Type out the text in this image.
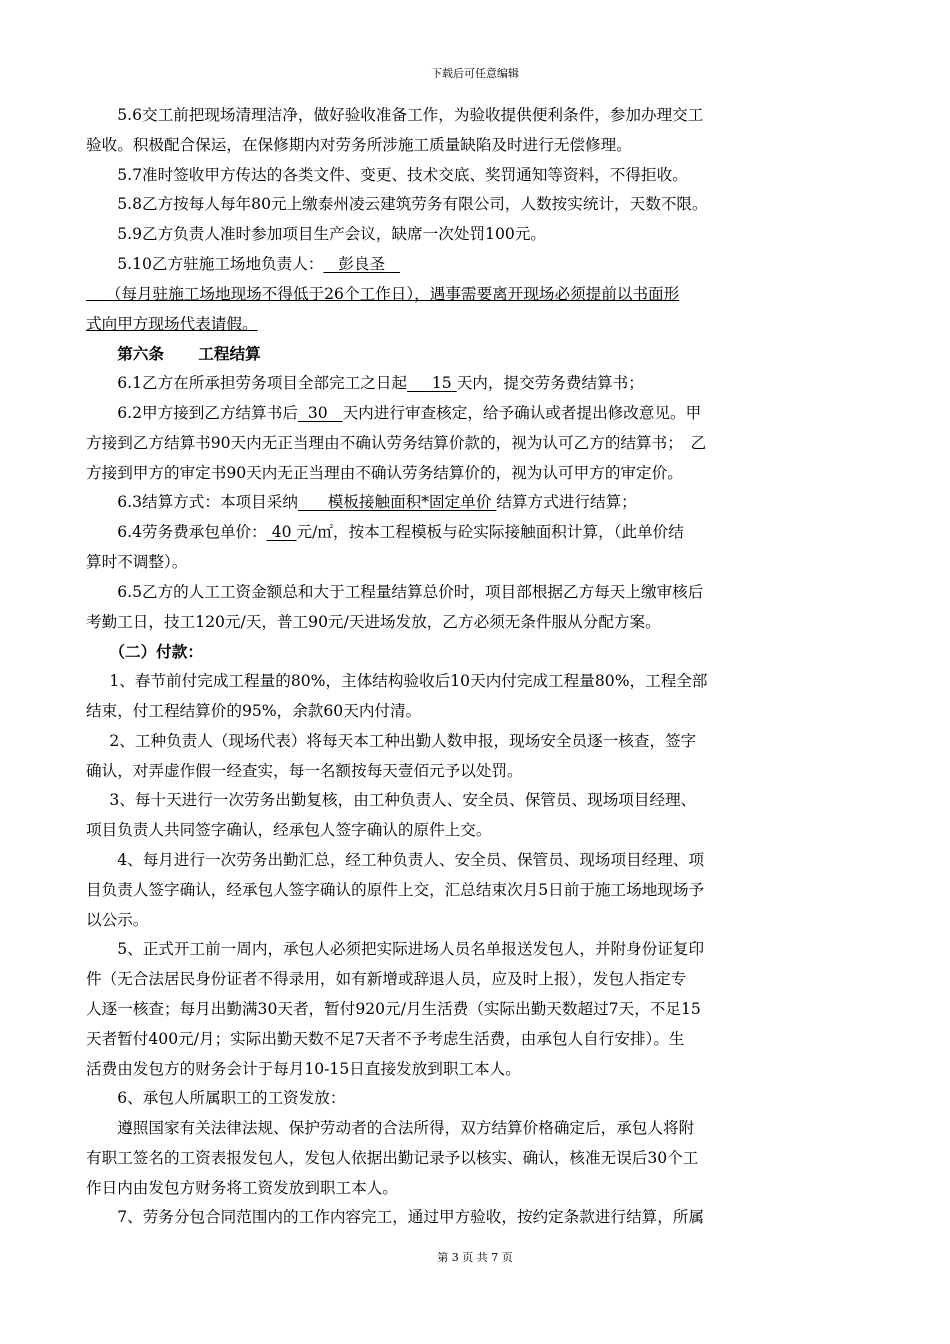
下载后可任意编辑
5.6交工前把现场清理洁净，做好验收准备工作，为验收提供便利条件，参加办理交工
验收。积极配合保运，在保修期内对劳务所涉施工质量缺陷及时进行无偿修理。
5.7准时签收甲方传达的各类文件、变更、技术交底、奖罚通知等资料，不得拒收。
5.8乙方按每人每年80元上缴泰州凌云建筑劳务有限公司，人数按实统计，天数不限。
5.9乙方负责人准时参加项目生产会议，缺席一次处罚100元。
5.10乙方驻施工场地负责人： 彭良圣
（每月驻施工场地现场不得低于26个工作日），遇事需要离开现场必须提前以书面形
式向甲方现场代表请假。
第六条 工程结算
6.1乙方在所承担劳务项目全部完工之日起 15 天内，提交劳务费结算书；
6.2甲方接到乙方结算书后 30 天内进行审查核定，给予确认或者提出修改意见。甲
方接到乙方结算书90天内无正当理由不确认劳务结算价款的，视为认可乙方的结算书；　乙
方接到甲方的审定书90天内无正当理由不确认劳务结算价的，视为认可甲方的审定价。
6.3结算方式：本项目采纳 模板接触面积*固定单价 结算方式进行结算；
6.4劳务费承包单价： 40 元/㎡，按本工程模板与砼实际接触面积计算，（此单价结
算时不调整）。
6.5乙方的人工工资金额总和大于工程量结算总价时，项目部根据乙方每天上缴审核后
考勤工日，技工120元/天，普工90元/天进场发放，乙方必须无条件服从分配方案。
（二）付款：
1、春节前付完成工程量的80%，主体结构验收后10天内付完成工程量80%，工程全部
结束，付工程结算价的95%，余款60天内付清。
2、工种负责人（现场代表）将每天本工种出勤人数申报，现场安全员逐一核查，签字
确认，对弄虚作假一经查实，每一名额按每天壹佰元予以处罚。
3、每十天进行一次劳务出勤复核，由工种负责人、安全员、保管员、现场项目经理、
项目负责人共同签字确认，经承包人签字确认的原件上交。
4、每月进行一次劳务出勤汇总，经工种负责人、安全员、保管员、现场项目经理、项
目负责人签字确认，经承包人签字确认的原件上交，汇总结束次月5日前于施工场地现场予
以公示。
5、正式开工前一周内，承包人必须把实际进场人员名单报送发包人，并附身份证复印
件（无合法居民身份证者不得录用，如有新增或辞退人员，应及时上报），发包人指定专
人逐一核查；每月出勤满30天者，暂付920元/月生活费（实际出勤天数超过7天，不足15
天者暂付400元/月；实际出勤天数不足7天者不予考虑生活费，由承包人自行安排）。生
活费由发包方的财务会计于每月10-15日直接发放到职工本人。
6、承包人所属职工的工资发放：
遵照国家有关法律法规、保护劳动者的合法所得，双方结算价格确定后，承包人将附
有职工签名的工资表报发包人，发包人依据出勤记录予以核实、确认，核准无误后30个工
作日内由发包方财务将工资发放到职工本人。
7、劳务分包合同范围内的工作内容完工，通过甲方验收，按约定条款进行结算，所属
第 3 页 共 7 页
